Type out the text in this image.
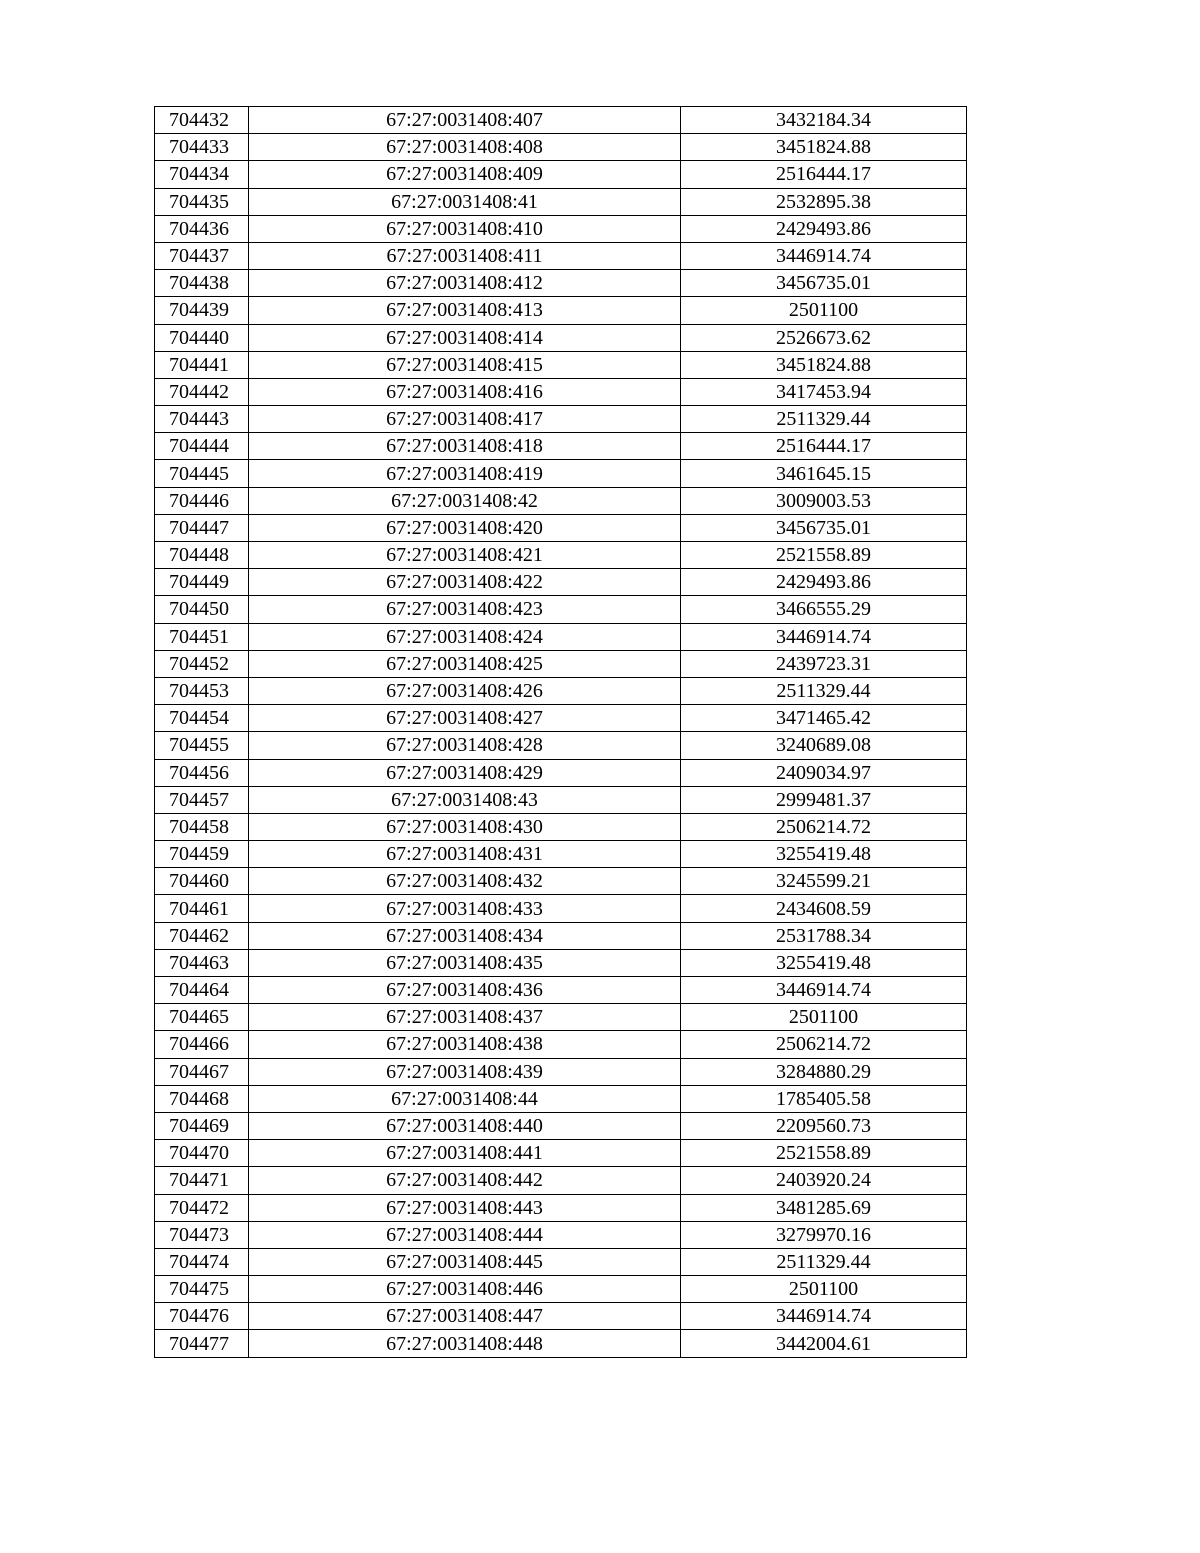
704432	67:27:0031408:407	3432184.34
704433	67:27:0031408:408	3451824.88
704434	67:27:0031408:409	2516444.17
704435	67:27:0031408:41	2532895.38
704436	67:27:0031408:410	2429493.86
704437	67:27:0031408:411	3446914.74
704438	67:27:0031408:412	3456735.01
704439	67:27:0031408:413	2501100
704440	67:27:0031408:414	2526673.62
704441	67:27:0031408:415	3451824.88
704442	67:27:0031408:416	3417453.94
704443	67:27:0031408:417	2511329.44
704444	67:27:0031408:418	2516444.17
704445	67:27:0031408:419	3461645.15
704446	67:27:0031408:42	3009003.53
704447	67:27:0031408:420	3456735.01
704448	67:27:0031408:421	2521558.89
704449	67:27:0031408:422	2429493.86
704450	67:27:0031408:423	3466555.29
704451	67:27:0031408:424	3446914.74
704452	67:27:0031408:425	2439723.31
704453	67:27:0031408:426	2511329.44
704454	67:27:0031408:427	3471465.42
704455	67:27:0031408:428	3240689.08
704456	67:27:0031408:429	2409034.97
704457	67:27:0031408:43	2999481.37
704458	67:27:0031408:430	2506214.72
704459	67:27:0031408:431	3255419.48
704460	67:27:0031408:432	3245599.21
704461	67:27:0031408:433	2434608.59
704462	67:27:0031408:434	2531788.34
704463	67:27:0031408:435	3255419.48
704464	67:27:0031408:436	3446914.74
704465	67:27:0031408:437	2501100
704466	67:27:0031408:438	2506214.72
704467	67:27:0031408:439	3284880.29
704468	67:27:0031408:44	1785405.58
704469	67:27:0031408:440	2209560.73
704470	67:27:0031408:441	2521558.89
704471	67:27:0031408:442	2403920.24
704472	67:27:0031408:443	3481285.69
704473	67:27:0031408:444	3279970.16
704474	67:27:0031408:445	2511329.44
704475	67:27:0031408:446	2501100
704476	67:27:0031408:447	3446914.74
704477	67:27:0031408:448	3442004.61
